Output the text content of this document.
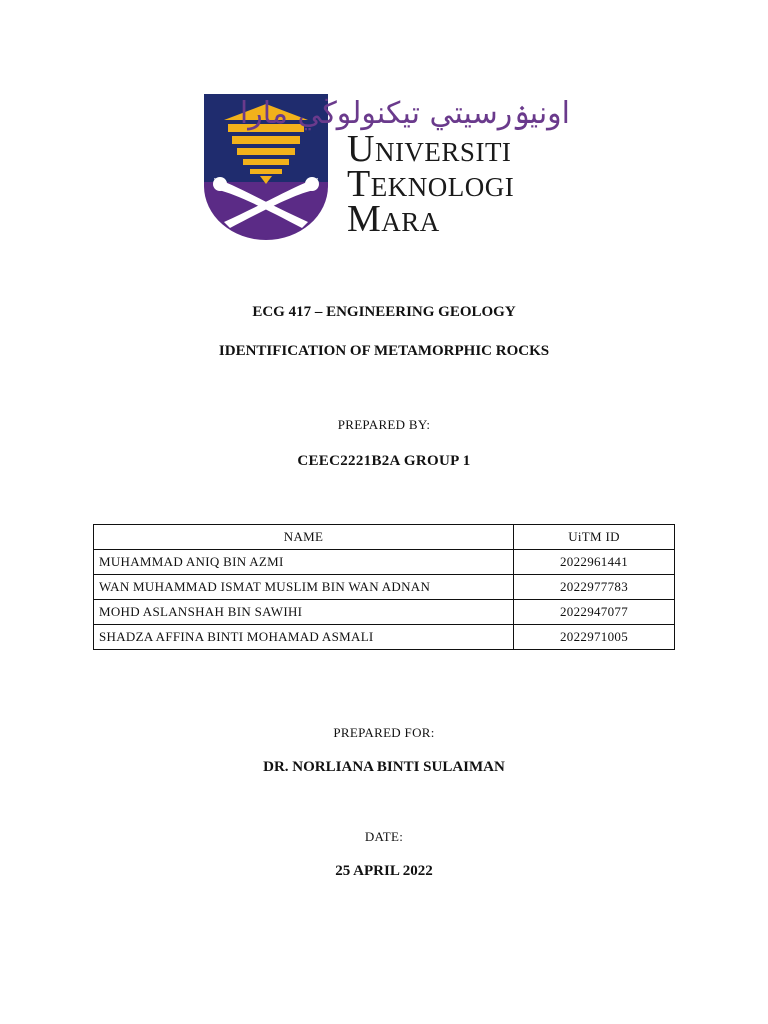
اونيۏرسيتي تيكنولوڬي مارا
Universiti
Teknologi
Mara
ECG 417 – ENGINEERING GEOLOGY
IDENTIFICATION OF METAMORPHIC ROCKS
PREPARED BY:
CEEC2221B2A GROUP 1
NAME	UiTM ID
MUHAMMAD ANIQ BIN AZMI	2022961441
WAN MUHAMMAD ISMAT MUSLIM BIN WAN ADNAN	2022977783
MOHD ASLANSHAH BIN SAWIHI	2022947077
SHADZA AFFINA BINTI MOHAMAD ASMALI	2022971005
PREPARED FOR:
DR. NORLIANA BINTI SULAIMAN
DATE:
25 APRIL 2022
